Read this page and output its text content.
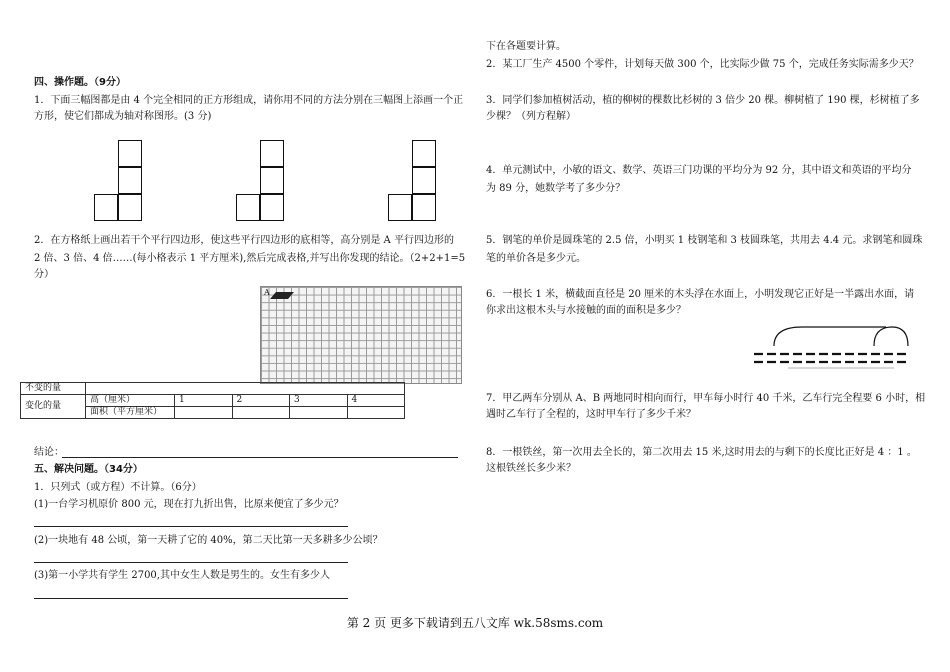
四、操作题。（9分）
1．下面三幅图都是由 4 个完全相同的正方形组成，请你用不同的方法分别在三幅图上添画一个正
方形，使它们都成为轴对称图形。(3 分)
2．在方格纸上画出若干个平行四边形，使这些平行四边形的底相等，高分别是 A 平行四边形的
2 倍、3 倍、4 倍……(每小格表示 1 平方厘米),然后完成表格,并写出你发现的结论。（2+2+1=5
分）
A
不变的量					
变化的量	高（厘米）	1	2	3	4
	面积（平方厘米）				
结论：
五、解决问题。（34分）
1．只列式（或方程）不计算。（6分）
(1)一台学习机原价 800 元，现在打九折出售，比原来便宜了多少元？
(2)一块地有 48 公顷，第一天耕了它的 40%，第二天比第一天多耕多少公顷？
(3)第一小学共有学生 2700,其中女生人数是男生的。女生有多少人
下在各题要计算。
2．某工厂生产 4500 个零件，计划每天做 300 个，比实际少做 75 个，完成任务实际需多少天？
3．同学们参加植树活动，植的柳树的棵数比杉树的 3 倍少 20 棵。柳树植了 190 棵，杉树植了多
少棵？（列方程解）
4．单元测试中，小敏的语文、数学、英语三门功课的平均分为 92 分，其中语文和英语的平均分
为 89 分，她数学考了多少分？
5．钢笔的单价是圆珠笔的 2.5 倍，小明买 1 枝钢笔和 3 枝圆珠笔，共用去 4.4 元。求钢笔和圆珠
笔的单价各是多少元。
6．一根长 1 米，横截面直径是 20 厘米的木头浮在水面上，小明发现它正好是一半露出水面，请
你求出这根木头与水接触的面的面积是多少？
7．甲乙两车分别从 A、B 两地同时相向而行，甲车每小时行 40 千米，乙车行完全程要 6 小时，相
遇时乙车行了全程的，这时甲车行了多少千米？
8．一根铁丝，第一次用去全长的，第二次用去 15 米,这时用去的与剩下的长度比正好是 4 ：1 。
这根铁丝长多少米？
第 2 页 更多下载请到五八文库 wk.58sms.com
